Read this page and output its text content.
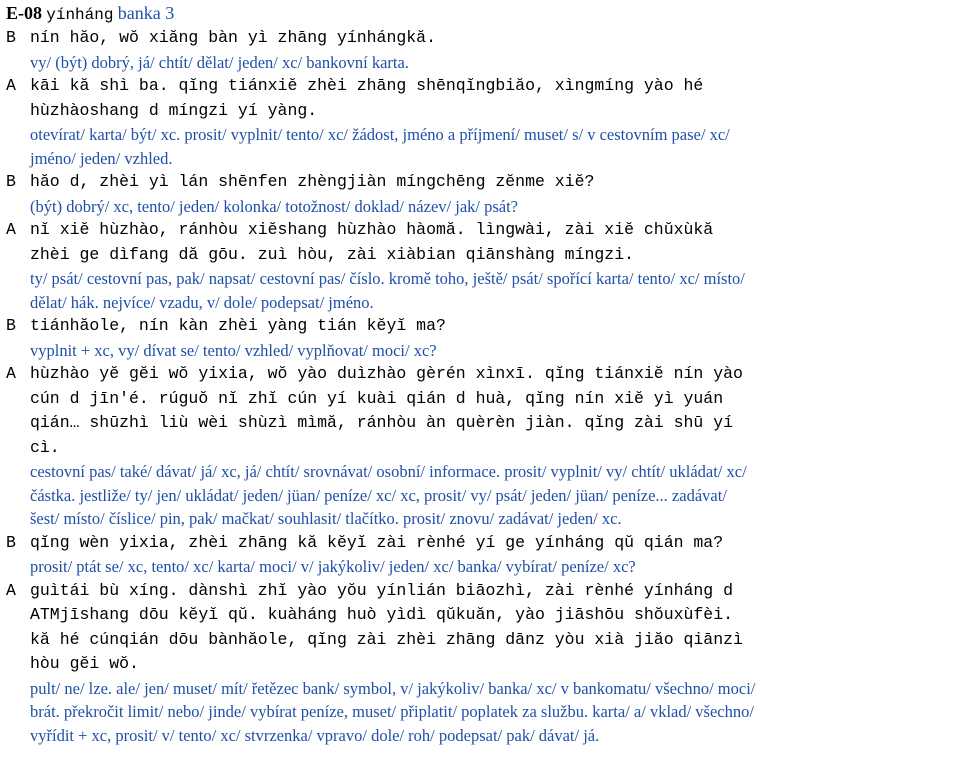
E-08 yínháng banka 3
B nín hăo, wŏ xiăng bàn yì zhāng yínhángkă.
vy/ (být) dobrý, já/ chtít/ dělat/ jeden/ xc/ bankovní karta.
A kāi kă shì ba. qĭng tiánxiĕ zhèi zhāng shēnqĭngbiăo, xìngmíng yào hé
hùzhàoshang d míngzi yí yàng.
otevírat/ karta/ být/ xc. prosit/ vyplnit/ tento/ xc/ žádost, jméno a příjmení/ muset/ s/ v cestovním pase/ xc/
jméno/ jeden/ vzhled.
B hăo d, zhèi yì lán shēnfen zhèngjiàn míngchēng zĕnme xiĕ?
(být) dobrý/ xc, tento/ jeden/ kolonka/ totožnost/ doklad/ název/ jak/ psát?
A nĭ xiĕ hùzhào, ránhòu xiĕshang hùzhào hàomă. lìngwài, zài xiĕ chŭxùkă
zhèi ge dìfang dă gōu. zuì hòu, zài xiàbian qiānshàng míngzi.
ty/ psát/ cestovní pas, pak/ napsat/ cestovní pas/ číslo. kromě toho, ještě/ psát/ spořící karta/ tento/ xc/ místo/
dělat/ hák. nejvíce/ vzadu, v/ dole/ podepsat/ jméno.
B tiánhăole, nín kàn zhèi yàng tián kĕyĭ ma?
vyplnit + xc, vy/ dívat se/ tento/ vzhled/ vyplňovat/ moci/ xc?
A hùzhào yĕ gĕi wŏ yixia, wŏ yào duìzhào gèrén xìnxī. qĭng tiánxiĕ nín yào
cún d jīn'é. rúguŏ nĭ zhĭ cún yí kuài qián d huà, qĭng nín xiĕ yì yuán
qián… shūzhì liù wèi shùzì mìmă, ránhòu àn quèrèn jiàn. qĭng zài shū yí
cì.
cestovní pas/ také/ dávat/ já/ xc, já/ chtít/ srovnávat/ osobní/ informace. prosit/ vyplnit/ vy/ chtít/ ukládat/ xc/
částka. jestliže/ ty/ jen/ ukládat/ jeden/ jüan/ peníze/ xc/ xc, prosit/ vy/ psát/ jeden/ jüan/ peníze... zadávat/
šest/ místo/ číslice/ pin, pak/ mačkat/ souhlasit/ tlačítko. prosit/ znovu/ zadávat/ jeden/ xc.
B qĭng wèn yixia, zhèi zhāng kă kĕyĭ zài rènhé yí ge yínháng qŭ qián ma?
prosit/ ptát se/ xc, tento/ xc/ karta/ moci/ v/ jakýkoliv/ jeden/ xc/ banka/ vybírat/ peníze/ xc?
A guìtái bù xíng. dànshì zhĭ yào yŏu yínlián biāozhì, zài rènhé yínháng d
ATMjīshang dōu kĕyĭ qŭ. kuàháng huò yìdì qŭkuăn, yào jiāshōu shŏuxùfèi.
kă hé cúnqián dōu bànhăole, qĭng zài zhèi zhāng dānz yòu xià jiăo qiānzì
hòu gĕi wŏ.
pult/ ne/ lze. ale/ jen/ muset/ mít/ řetězec bank/ symbol, v/ jakýkoliv/ banka/ xc/ v bankomatu/ všechno/ moci/
brát. překročit limit/ nebo/ jinde/ vybírat peníze, muset/ připlatit/ poplatek za službu. karta/ a/ vklad/ všechno/
vyřídit + xc, prosit/ v/ tento/ xc/ stvrzenka/ vpravo/ dole/ roh/ podepsat/ pak/ dávat/ já.
